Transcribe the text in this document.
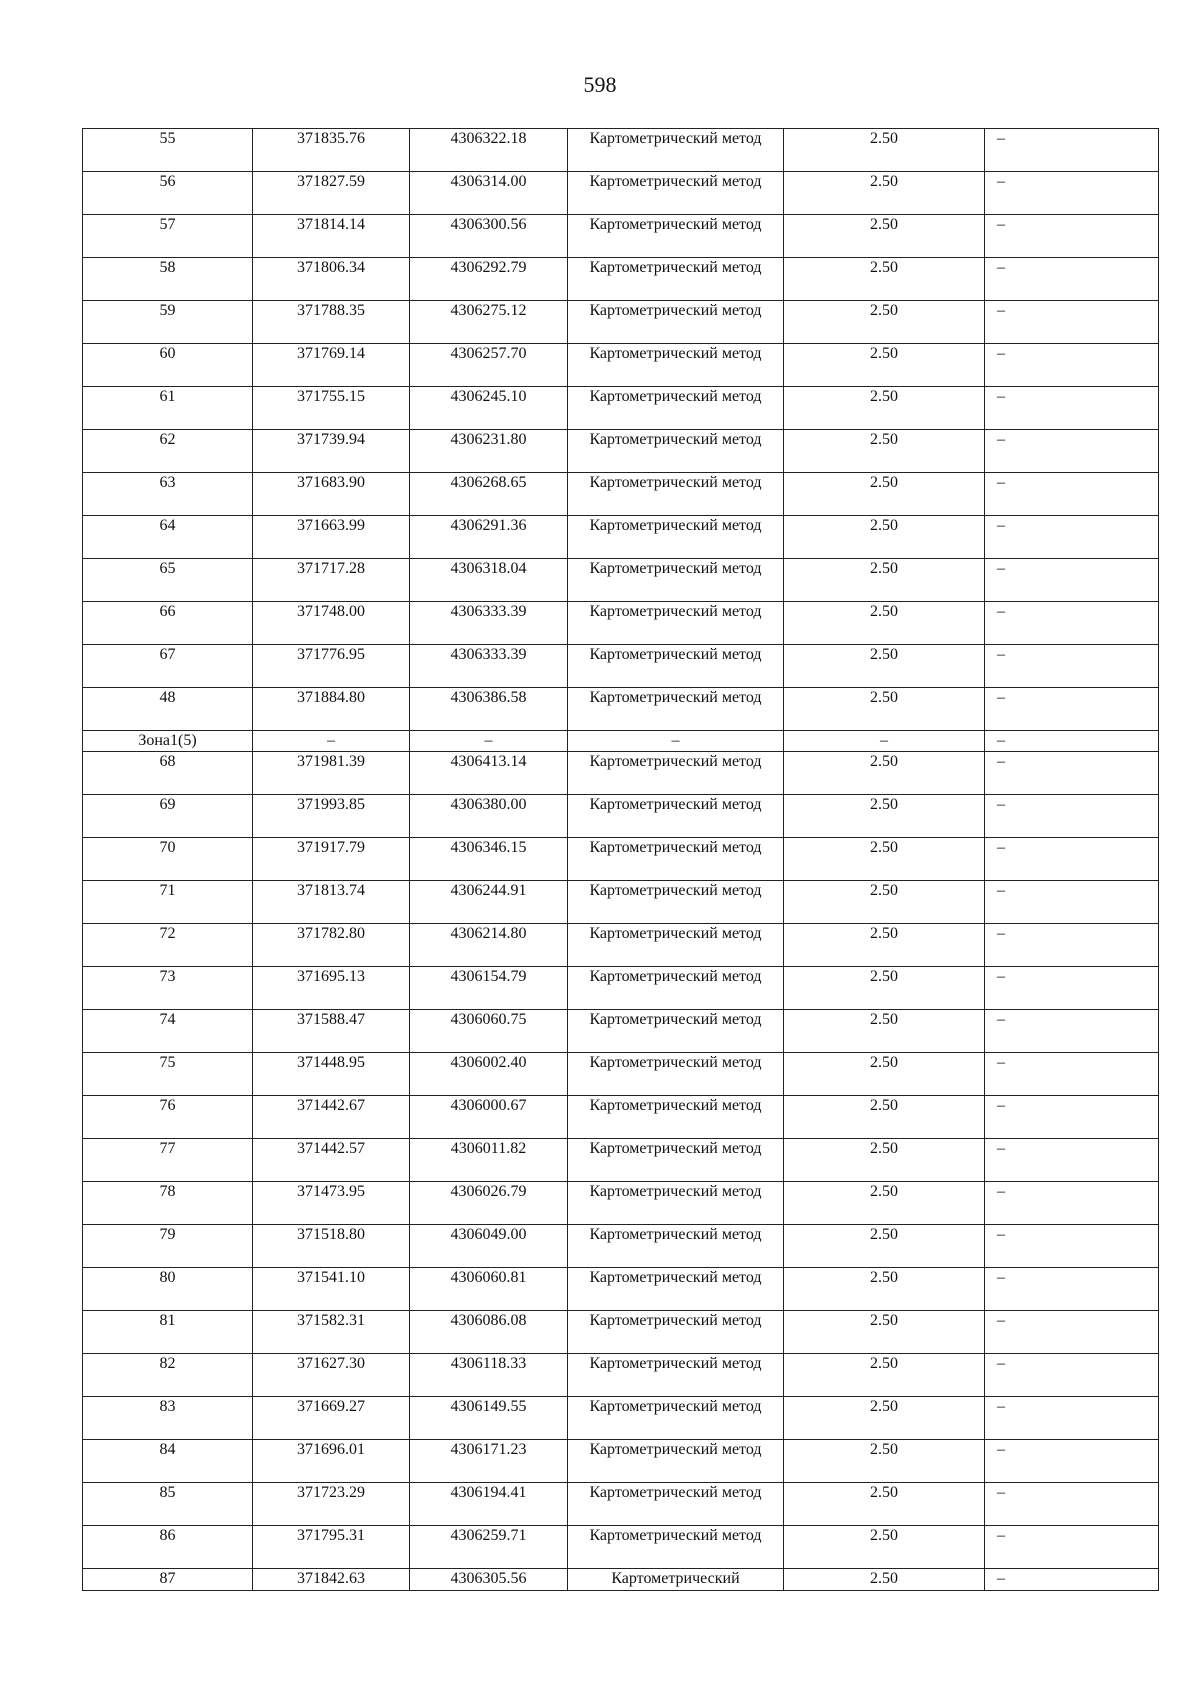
598
55	371835.76	4306322.18	Картометрический метод	2.50	–
56	371827.59	4306314.00	Картометрический метод	2.50	–
57	371814.14	4306300.56	Картометрический метод	2.50	–
58	371806.34	4306292.79	Картометрический метод	2.50	–
59	371788.35	4306275.12	Картометрический метод	2.50	–
60	371769.14	4306257.70	Картометрический метод	2.50	–
61	371755.15	4306245.10	Картометрический метод	2.50	–
62	371739.94	4306231.80	Картометрический метод	2.50	–
63	371683.90	4306268.65	Картометрический метод	2.50	–
64	371663.99	4306291.36	Картометрический метод	2.50	–
65	371717.28	4306318.04	Картометрический метод	2.50	–
66	371748.00	4306333.39	Картометрический метод	2.50	–
67	371776.95	4306333.39	Картометрический метод	2.50	–
48	371884.80	4306386.58	Картометрический метод	2.50	–
Зона1(5)	–	–	–	–	–
68	371981.39	4306413.14	Картометрический метод	2.50	–
69	371993.85	4306380.00	Картометрический метод	2.50	–
70	371917.79	4306346.15	Картометрический метод	2.50	–
71	371813.74	4306244.91	Картометрический метод	2.50	–
72	371782.80	4306214.80	Картометрический метод	2.50	–
73	371695.13	4306154.79	Картометрический метод	2.50	–
74	371588.47	4306060.75	Картометрический метод	2.50	–
75	371448.95	4306002.40	Картометрический метод	2.50	–
76	371442.67	4306000.67	Картометрический метод	2.50	–
77	371442.57	4306011.82	Картометрический метод	2.50	–
78	371473.95	4306026.79	Картометрический метод	2.50	–
79	371518.80	4306049.00	Картометрический метод	2.50	–
80	371541.10	4306060.81	Картометрический метод	2.50	–
81	371582.31	4306086.08	Картометрический метод	2.50	–
82	371627.30	4306118.33	Картометрический метод	2.50	–
83	371669.27	4306149.55	Картометрический метод	2.50	–
84	371696.01	4306171.23	Картометрический метод	2.50	–
85	371723.29	4306194.41	Картометрический метод	2.50	–
86	371795.31	4306259.71	Картометрический метод	2.50	–
87	371842.63	4306305.56	Картометрический	2.50	–
